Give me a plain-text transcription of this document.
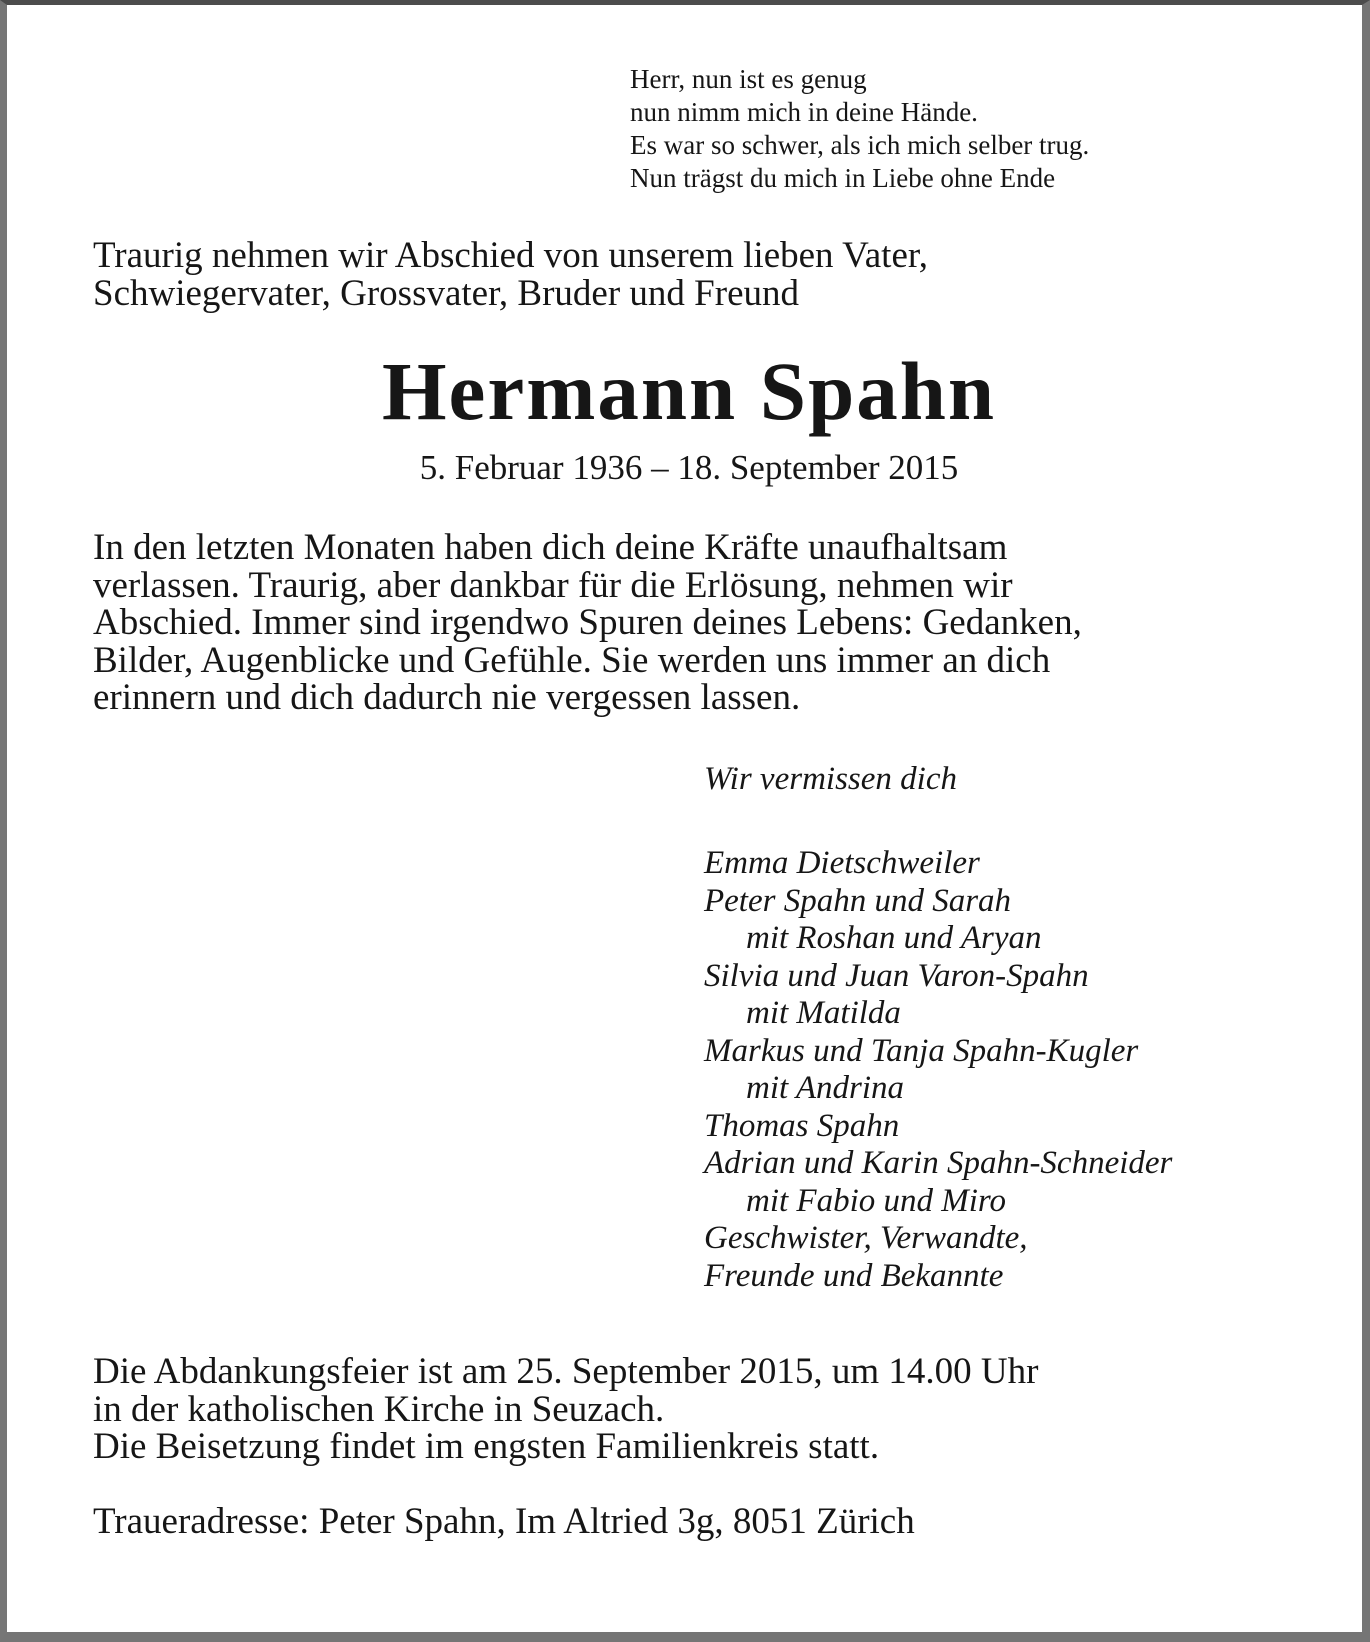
Herr, nun ist es genug
nun nimm mich in deine Hände.
Es war so schwer, als ich mich selber trug.
Nun trägst du mich in Liebe ohne Ende
Traurig nehmen wir Abschied von unserem lieben Vater,
Schwiegervater, Grossvater, Bruder und Freund
Hermann Spahn
5. Februar 1936 – 18. September 2015
In den letzten Monaten haben dich deine Kräfte unaufhaltsam
verlassen. Traurig, aber dankbar für die Erlösung, nehmen wir
Abschied. Immer sind irgendwo Spuren deines Lebens: Gedanken,
Bilder, Augenblicke und Gefühle. Sie werden uns immer an dich
erinnern und dich dadurch nie vergessen lassen.
Wir vermissen dich
Emma Dietschweiler
Peter Spahn und Sarah
mit Roshan und Aryan
Silvia und Juan Varon-Spahn
mit Matilda
Markus und Tanja Spahn-Kugler
mit Andrina
Thomas Spahn
Adrian und Karin Spahn-Schneider
mit Fabio und Miro
Geschwister, Verwandte,
Freunde und Bekannte
Die Abdankungsfeier ist am 25. September 2015, um 14.00 Uhr
in der katholischen Kirche in Seuzach.
Die Beisetzung findet im engsten Familienkreis statt.
Traueradresse: Peter Spahn, Im Altried 3g, 8051 Zürich
